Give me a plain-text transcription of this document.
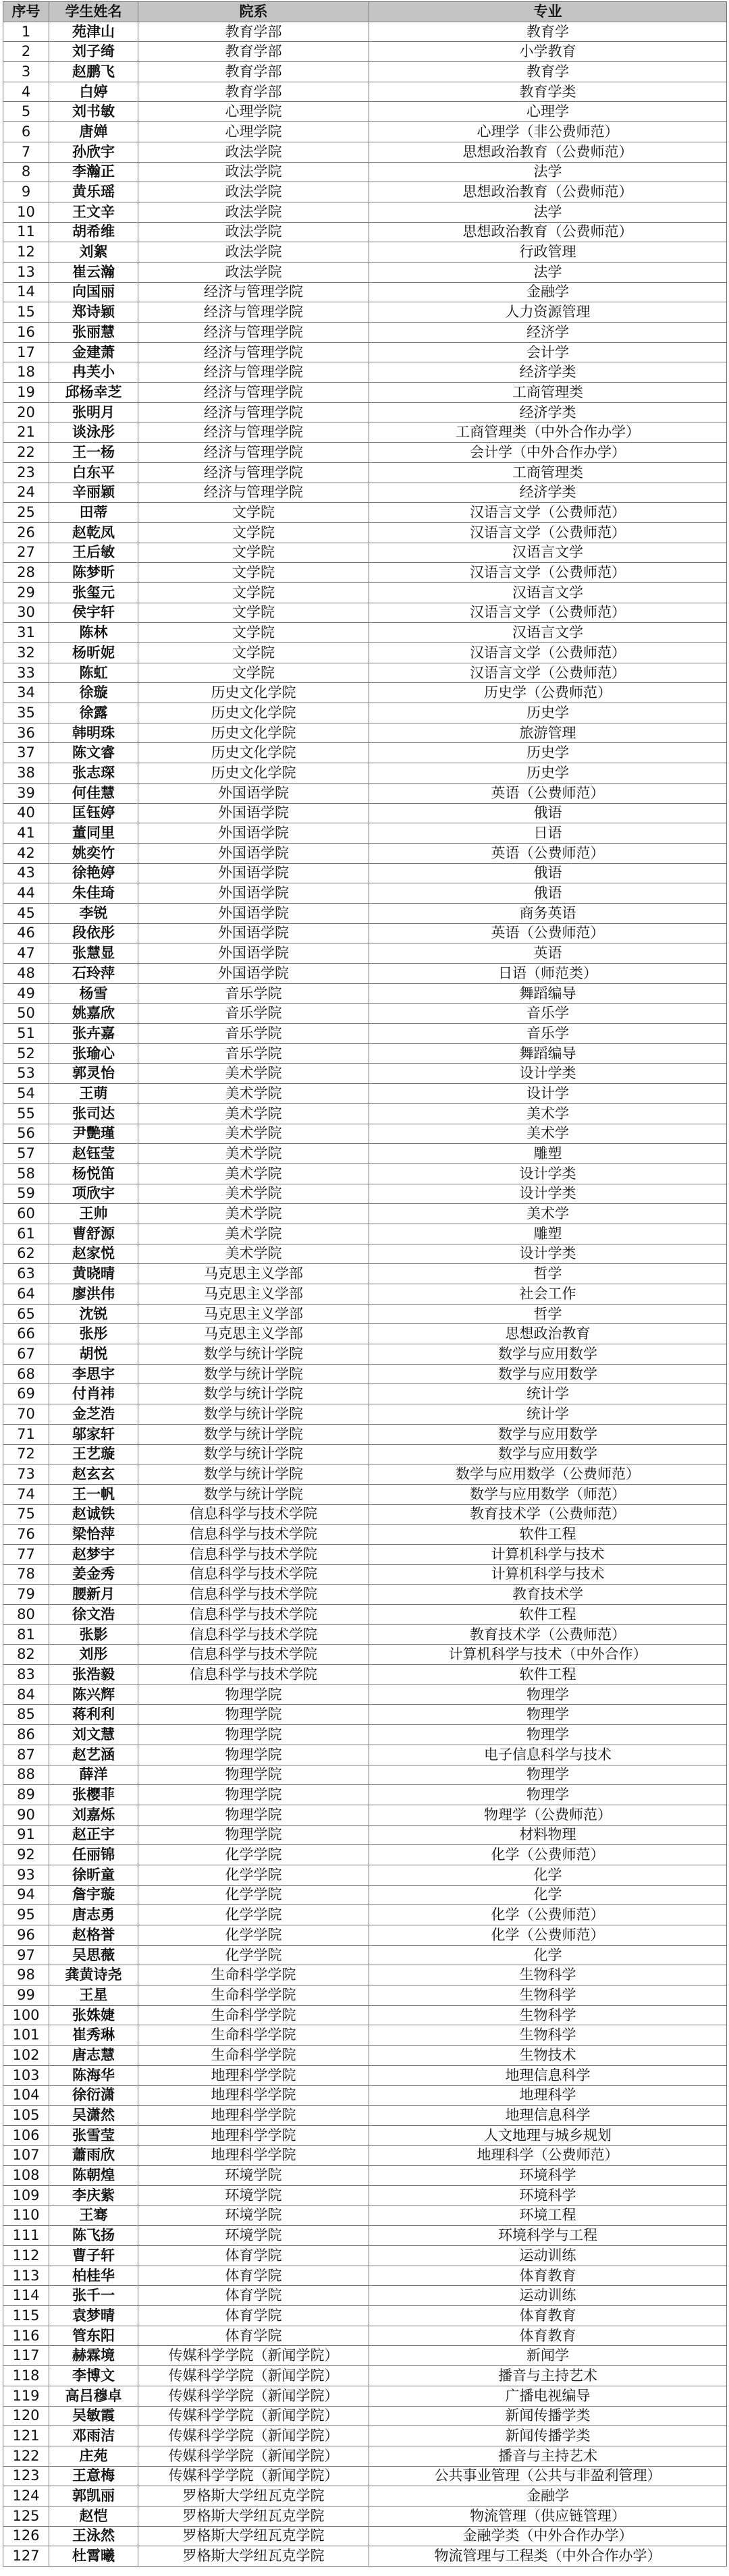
序号	学生姓名	院系	专业
1	苑津山	教育学部	教育学
2	刘子绮	教育学部	小学教育
3	赵鹏飞	教育学部	教育学
4	白婷	教育学部	教育学类
5	刘书敏	心理学院	心理学
6	唐婵	心理学院	心理学（非公费师范）
7	孙欣宇	政法学院	思想政治教育（公费师范）
8	李瀚正	政法学院	法学
9	黄乐瑶	政法学院	思想政治教育（公费师范）
10	王文辛	政法学院	法学
11	胡希维	政法学院	思想政治教育（公费师范）
12	刘絮	政法学院	行政管理
13	崔云瀚	政法学院	法学
14	向国丽	经济与管理学院	金融学
15	郑诗颖	经济与管理学院	人力资源管理
16	张丽慧	经济与管理学院	经济学
17	金建萧	经济与管理学院	会计学
18	冉芙小	经济与管理学院	经济学类
19	邱杨幸芝	经济与管理学院	工商管理类
20	张明月	经济与管理学院	经济学类
21	谈泳彤	经济与管理学院	工商管理类（中外合作办学）
22	王一杨	经济与管理学院	会计学（中外合作办学）
23	白东平	经济与管理学院	工商管理类
24	辛丽颖	经济与管理学院	经济学类
25	田蒂	文学院	汉语言文学（公费师范）
26	赵乾凤	文学院	汉语言文学（公费师范）
27	王后敏	文学院	汉语言文学
28	陈梦昕	文学院	汉语言文学（公费师范）
29	张玺元	文学院	汉语言文学
30	侯宇轩	文学院	汉语言文学（公费师范）
31	陈林	文学院	汉语言文学
32	杨昕妮	文学院	汉语言文学（公费师范）
33	陈虹	文学院	汉语言文学（公费师范）
34	徐璇	历史文化学院	历史学（公费师范）
35	徐露	历史文化学院	历史学
36	韩明珠	历史文化学院	旅游管理
37	陈文睿	历史文化学院	历史学
38	张志琛	历史文化学院	历史学
39	何佳慧	外国语学院	英语（公费师范）
40	匡钰婷	外国语学院	俄语
41	董同里	外国语学院	日语
42	姚奕竹	外国语学院	英语（公费师范）
43	徐艳婷	外国语学院	俄语
44	朱佳琦	外国语学院	俄语
45	李锐	外国语学院	商务英语
46	段依彤	外国语学院	英语（公费师范）
47	张慧显	外国语学院	英语
48	石玲萍	外国语学院	日语（师范类）
49	杨雪	音乐学院	舞蹈编导
50	姚嘉欣	音乐学院	音乐学
51	张卉嘉	音乐学院	音乐学
52	张瑜心	音乐学院	舞蹈编导
53	郭灵怡	美术学院	设计学类
54	王萌	美术学院	设计学
55	张司达	美术学院	美术学
56	尹艷瑾	美术学院	美术学
57	赵钰莹	美术学院	雕塑
58	杨悦笛	美术学院	设计学类
59	项欣宇	美术学院	设计学类
60	王帅	美术学院	美术学
61	曹舒源	美术学院	雕塑
62	赵家悦	美术学院	设计学类
63	黄晓晴	马克思主义学部	哲学
64	廖洪伟	马克思主义学部	社会工作
65	沈锐	马克思主义学部	哲学
66	张彤	马克思主义学部	思想政治教育
67	胡悦	数学与统计学院	数学与应用数学
68	李思宇	数学与统计学院	数学与应用数学
69	付肖祎	数学与统计学院	统计学
70	金芝浩	数学与统计学院	统计学
71	邬家轩	数学与统计学院	数学与应用数学
72	王艺璇	数学与统计学院	数学与应用数学
73	赵玄玄	数学与统计学院	数学与应用数学（公费师范）
74	王一帆	数学与统计学院	数学与应用数学（师范）
75	赵诚铁	信息科学与技术学院	教育技术学（公费师范）
76	梁恰萍	信息科学与技术学院	软件工程
77	赵梦宇	信息科学与技术学院	计算机科学与技术
78	姜金秀	信息科学与技术学院	计算机科学与技术
79	腰新月	信息科学与技术学院	教育技术学
80	徐文浩	信息科学与技术学院	软件工程
81	张影	信息科学与技术学院	教育技术学（公费师范）
82	刘彤	信息科学与技术学院	计算机科学与技术（中外合作）
83	张浩毅	信息科学与技术学院	软件工程
84	陈兴辉	物理学院	物理学
85	蒋利利	物理学院	物理学
86	刘文慧	物理学院	物理学
87	赵艺涵	物理学院	电子信息科学与技术
88	薛洋	物理学院	物理学
89	张樱菲	物理学院	物理学
90	刘嘉烁	物理学院	物理学（公费师范）
91	赵正宇	物理学院	材料物理
92	任丽锦	化学学院	化学（公费师范）
93	徐昕童	化学学院	化学
94	詹宇璇	化学学院	化学
95	唐志勇	化学学院	化学（公费师范）
96	赵格誉	化学学院	化学（公费师范）
97	吴思薇	化学学院	化学
98	龚黄诗尧	生命科学学院	生物科学
99	王星	生命科学学院	生物科学
100	张姝婕	生命科学学院	生物科学
101	崔秀琳	生命科学学院	生物科学
102	唐志慧	生命科学学院	生物技术
103	陈海华	地理科学学院	地理信息科学
104	徐衍潇	地理科学学院	地理科学
105	吴潇然	地理科学学院	地理信息科学
106	张雪莹	地理科学学院	人文地理与城乡规划
107	蕭雨欣	地理科学学院	地理科学（公费师范）
108	陈朝煌	环境学院	环境科学
109	李庆紫	环境学院	环境科学
110	王骞	环境学院	环境工程
111	陈飞扬	环境学院	环境科学与工程
112	曹子轩	体育学院	运动训练
113	柏桂华	体育学院	体育教育
114	张千一	体育学院	运动训练
115	袁梦晴	体育学院	体育教育
116	管东阳	体育学院	体育教育
117	赫霖境	传媒科学学院（新闻学院）	新闻学
118	李博文	传媒科学学院（新闻学院）	播音与主持艺术
119	高吕穆卓	传媒科学学院（新闻学院）	广播电视编导
120	吴敏霞	传媒科学学院（新闻学院）	新闻传播学类
121	邓雨洁	传媒科学学院（新闻学院）	新闻传播学类
122	庄苑	传媒科学学院（新闻学院）	播音与主持艺术
123	王意梅	传媒科学学院（新闻学院）	公共事业管理（公共与非盈利管理）
124	郭凯丽	罗格斯大学纽瓦克学院	金融学
125	赵恺	罗格斯大学纽瓦克学院	物流管理（供应链管理）
126	王泳然	罗格斯大学纽瓦克学院	金融学类（中外合作办学）
127	杜霄曦	罗格斯大学纽瓦克学院	物流管理与工程类（中外合作办学）
